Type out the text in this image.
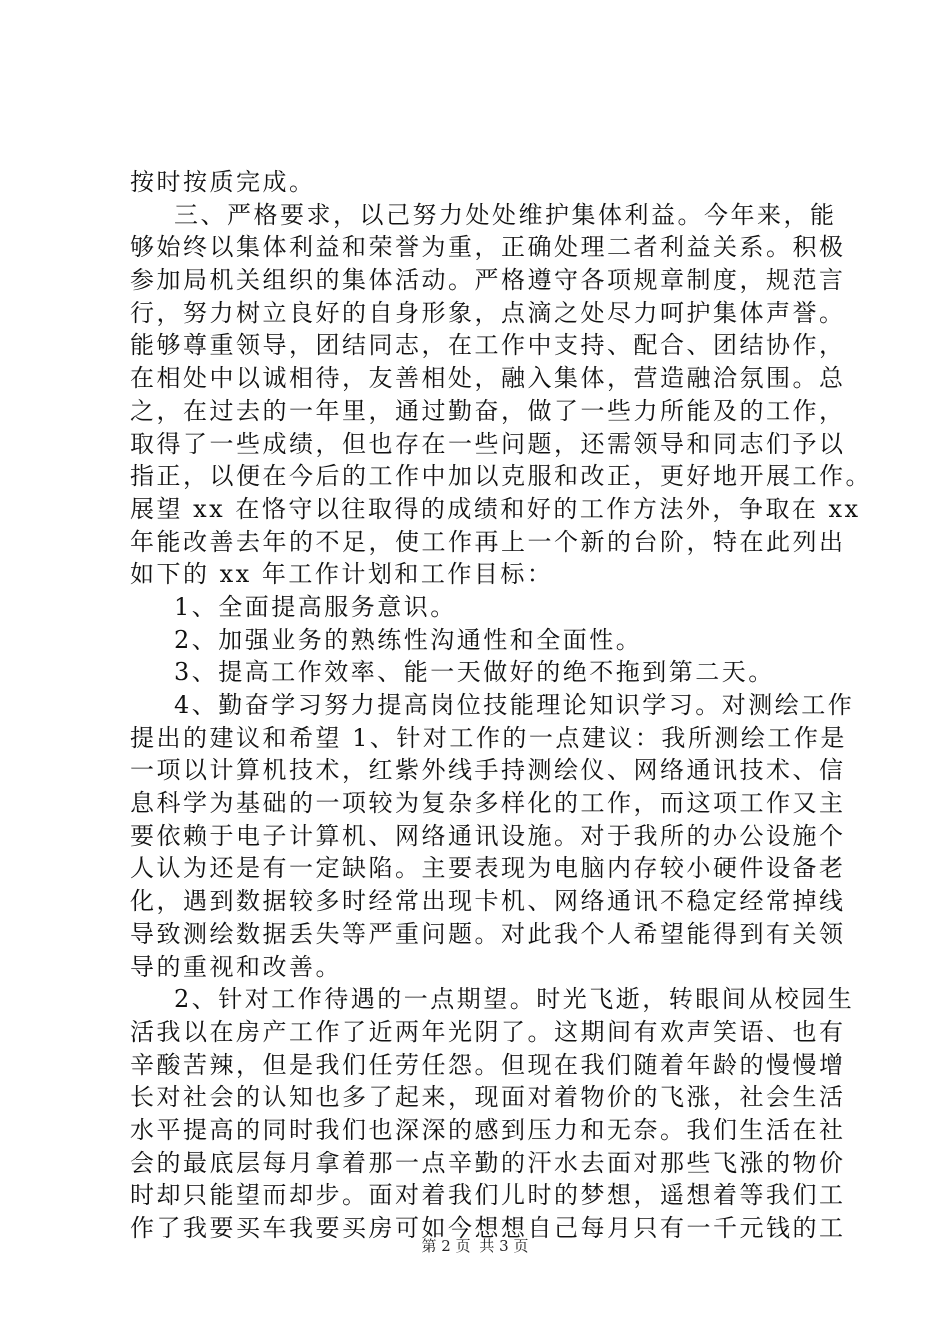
按时按质完成。
三、严格要求，以己努力处处维护集体利益。今年来，能
够始终以集体利益和荣誉为重，正确处理二者利益关系。积极
参加局机关组织的集体活动。严格遵守各项规章制度，规范言
行，努力树立良好的自身形象，点滴之处尽力呵护集体声誉。
能够尊重领导，团结同志，在工作中支持、配合、团结协作，
在相处中以诚相待，友善相处，融入集体，营造融洽氛围。总
之，在过去的一年里，通过勤奋，做了一些力所能及的工作，
取得了一些成绩，但也存在一些问题，还需领导和同志们予以
指正，以便在今后的工作中加以克服和改正，更好地开展工作。
展望 xx 在恪守以往取得的成绩和好的工作方法外，争取在 xx
年能改善去年的不足，使工作再上一个新的台阶，特在此列出
如下的 xx 年工作计划和工作目标：
1、全面提高服务意识。
2、加强业务的熟练性沟通性和全面性。
3、提高工作效率、能一天做好的绝不拖到第二天。
4、勤奋学习努力提高岗位技能理论知识学习。对测绘工作
提出的建议和希望 1、针对工作的一点建议：我所测绘工作是
一项以计算机技术，红紫外线手持测绘仪、网络通讯技术、信
息科学为基础的一项较为复杂多样化的工作，而这项工作又主
要依赖于电子计算机、网络通讯设施。对于我所的办公设施个
人认为还是有一定缺陷。主要表现为电脑内存较小硬件设备老
化，遇到数据较多时经常出现卡机、网络通讯不稳定经常掉线
导致测绘数据丢失等严重问题。对此我个人希望能得到有关领
导的重视和改善。
2、针对工作待遇的一点期望。时光飞逝，转眼间从校园生
活我以在房产工作了近两年光阴了。这期间有欢声笑语、也有
辛酸苦辣，但是我们任劳任怨。但现在我们随着年龄的慢慢增
长对社会的认知也多了起来，现面对着物价的飞涨，社会生活
水平提高的同时我们也深深的感到压力和无奈。我们生活在社
会的最底层每月拿着那一点辛勤的汗水去面对那些飞涨的物价
时却只能望而却步。面对着我们儿时的梦想，遥想着等我们工
作了我要买车我要买房可如今想想自己每月只有一千元钱的工
第 2 页 共 3 页
